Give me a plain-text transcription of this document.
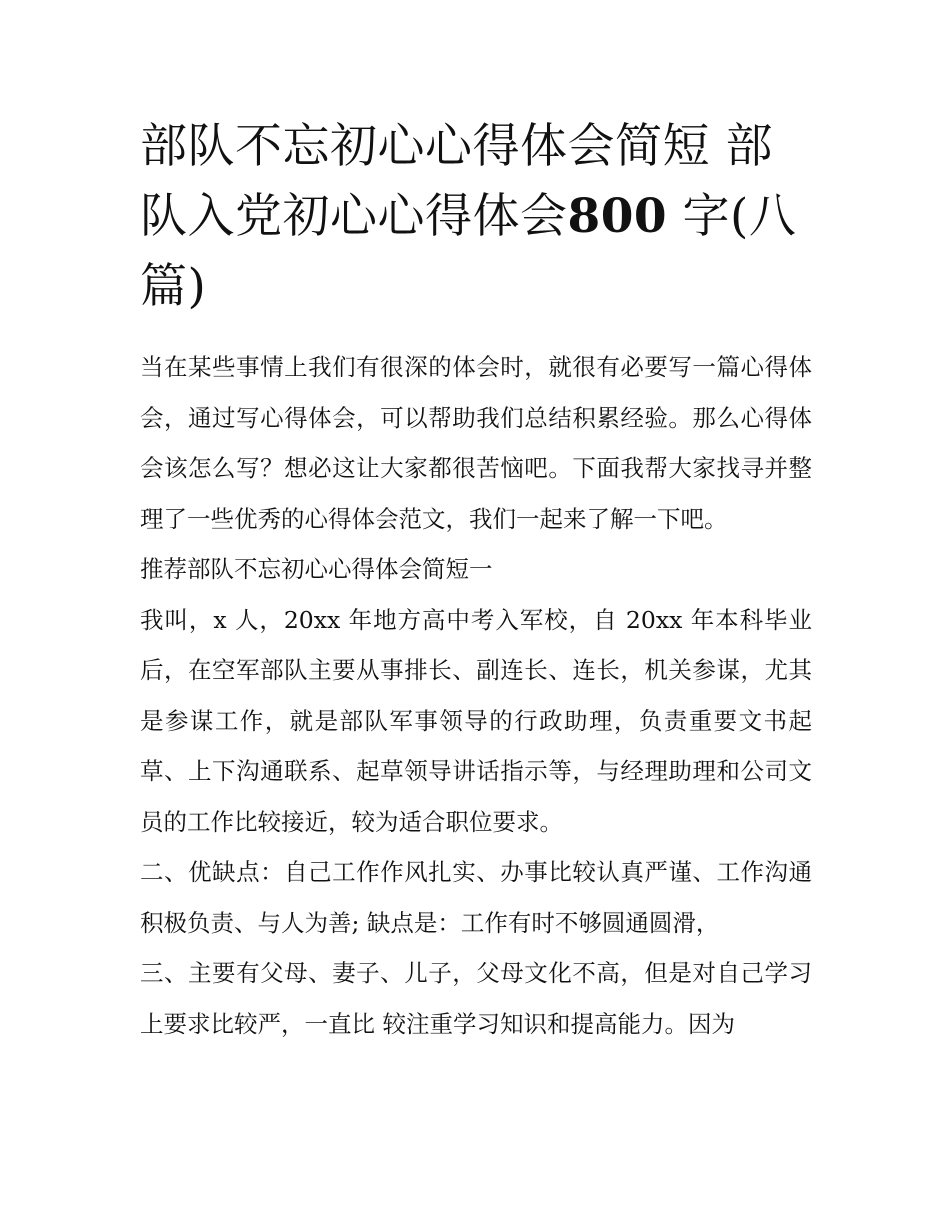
部队不忘初心心得体会简短 部队入党初心心得体会800 字(八篇)

当在某些事情上我们有很深的体会时，就很有必要写一篇心得体会，通过写心得体会，可以帮助我们总结积累经验。那么心得体会该怎么写？想必这让大家都很苦恼吧。下面我帮大家找寻并整理了一些优秀的心得体会范文，我们一起来了解一下吧。

推荐部队不忘初心心得体会简短一

我叫，x 人，20xx 年地方高中考入军校，自 20xx 年本科毕业后，在空军部队主要从事排长、副连长、连长，机关参谋，尤其是参谋工作，就是部队军事领导的行政助理，负责重要文书起草、上下沟通联系、起草领导讲话指示等，与经理助理和公司文员的工作比较接近，较为适合职位要求。

二、优缺点：自己工作作风扎实、办事比较认真严谨、工作沟通积极负责、与人为善; 缺点是：工作有时不够圆通圆滑，

三、主要有父母、妻子、儿子，父母文化不高，但是对自己学习上要求比较严，一直比 较注重学习知识和提高能力。因为
